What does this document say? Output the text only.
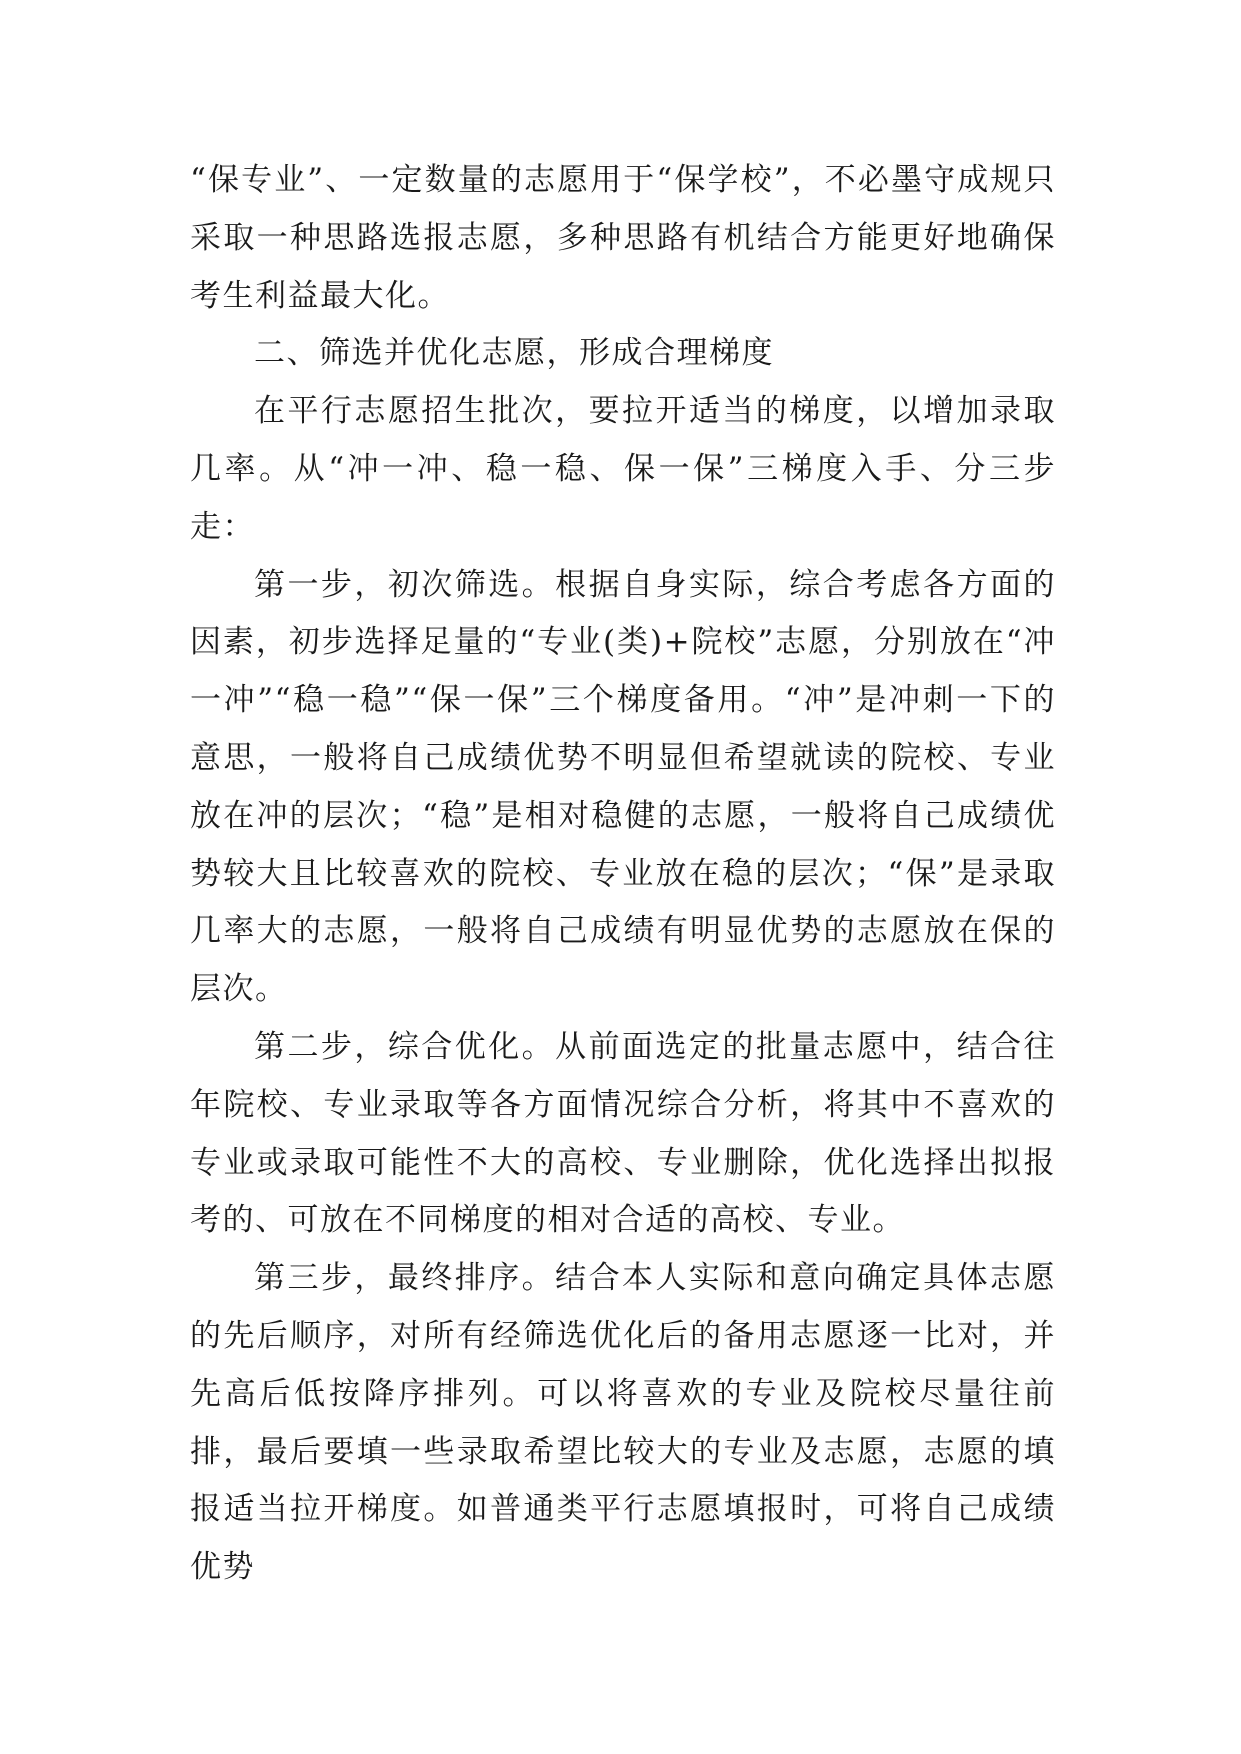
“保专业”、一定数量的志愿用于“保学校”，不必墨守成规只采取一种思路选报志愿，多种思路有机结合方能更好地确保考生利益最大化。

二、筛选并优化志愿，形成合理梯度

在平行志愿招生批次，要拉开适当的梯度，以增加录取几率。从“冲一冲、稳一稳、保一保”三梯度入手、分三步走：

第一步，初次筛选。根据自身实际，综合考虑各方面的因素，初步选择足量的“专业(类)+院校”志愿，分别放在“冲一冲”“稳一稳”“保一保”三个梯度备用。“冲”是冲刺一下的意思，一般将自己成绩优势不明显但希望就读的院校、专业放在冲的层次；“稳”是相对稳健的志愿，一般将自己成绩优势较大且比较喜欢的院校、专业放在稳的层次；“保”是录取几率大的志愿，一般将自己成绩有明显优势的志愿放在保的层次。

第二步，综合优化。从前面选定的批量志愿中，结合往年院校、专业录取等各方面情况综合分析，将其中不喜欢的专业或录取可能性不大的高校、专业删除，优化选择出拟报考的、可放在不同梯度的相对合适的高校、专业。

第三步，最终排序。结合本人实际和意向确定具体志愿的先后顺序，对所有经筛选优化后的备用志愿逐一比对，并先高后低按降序排列。可以将喜欢的专业及院校尽量往前排，最后要填一些录取希望比较大的专业及志愿，志愿的填报适当拉开梯度。如普通类平行志愿填报时，可将自己成绩优势
